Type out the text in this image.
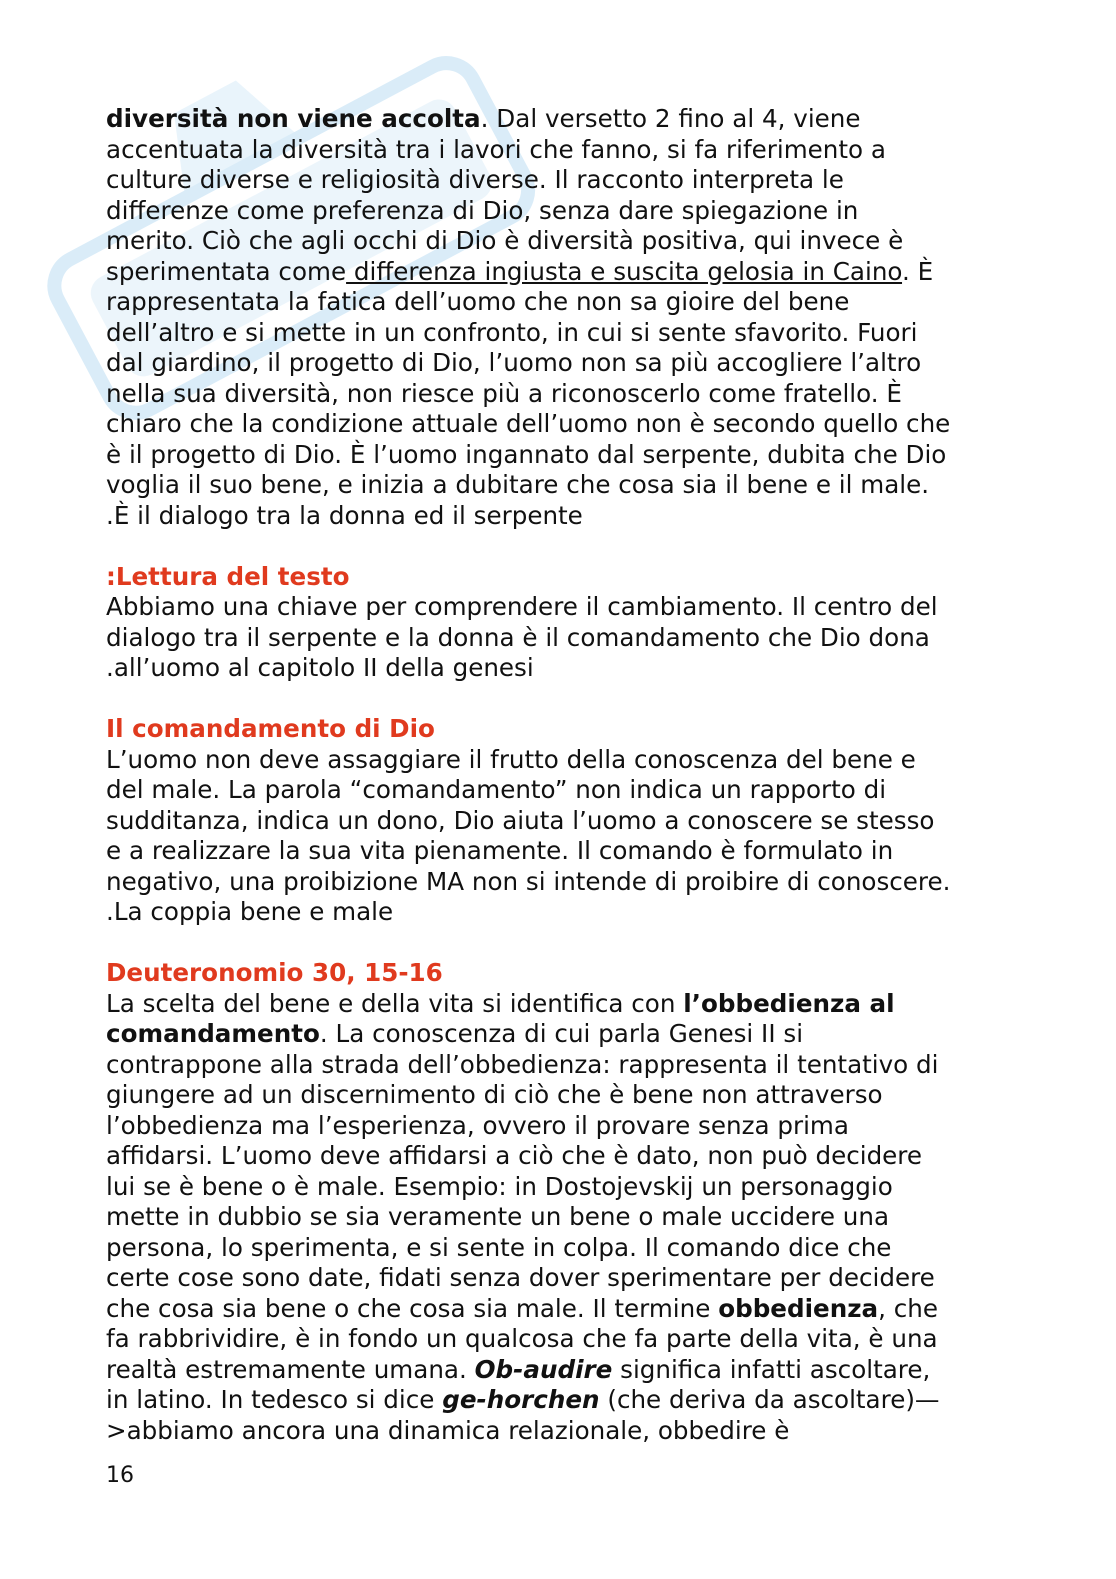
diversità non viene accolta. Dal versetto 2 fino al 4, viene
accentuata la diversità tra i lavori che fanno, si fa riferimento a
culture diverse e religiosità diverse. Il racconto interpreta le
differenze come preferenza di Dio, senza dare spiegazione in
merito. Ciò che agli occhi di Dio è diversità positiva, qui invece è
sperimentata come differenza ingiusta e suscita gelosia in Caino. È
rappresentata la fatica dell’uomo che non sa gioire del bene
dell’altro e si mette in un confronto, in cui si sente sfavorito. Fuori
dal giardino, il progetto di Dio, l’uomo non sa più accogliere l’altro
nella sua diversità, non riesce più a riconoscerlo come fratello. È
chiaro che la condizione attuale dell’uomo non è secondo quello che
è il progetto di Dio. È l’uomo ingannato dal serpente, dubita che Dio
voglia il suo bene, e inizia a dubitare che cosa sia il bene e il male.
.È il dialogo tra la donna ed il serpente

:Lettura del testo

Abbiamo una chiave per comprendere il cambiamento. Il centro del
dialogo tra il serpente e la donna è il comandamento che Dio dona
.all’uomo al capitolo II della genesi

Il comandamento di Dio

L’uomo non deve assaggiare il frutto della conoscenza del bene e
del male. La parola “comandamento” non indica un rapporto di
sudditanza, indica un dono, Dio aiuta l’uomo a conoscere se stesso
e a realizzare la sua vita pienamente. Il comando è formulato in
negativo, una proibizione MA non si intende di proibire di conoscere.
.La coppia bene e male

Deuteronomio 30, 15-16

La scelta del bene e della vita si identifica con l’obbedienza al
comandamento. La conoscenza di cui parla Genesi II si
contrappone alla strada dell’obbedienza: rappresenta il tentativo di
giungere ad un discernimento di ciò che è bene non attraverso
l’obbedienza ma l’esperienza, ovvero il provare senza prima
affidarsi. L’uomo deve affidarsi a ciò che è dato, non può decidere
lui se è bene o è male. Esempio: in Dostojevskij un personaggio
mette in dubbio se sia veramente un bene o male uccidere una
persona, lo sperimenta, e si sente in colpa. Il comando dice che
certe cose sono date, fidati senza dover sperimentare per decidere
che cosa sia bene o che cosa sia male. Il termine obbedienza, che
fa rabbrividire, è in fondo un qualcosa che fa parte della vita, è una
realtà estremamente umana. Ob-audire significa infatti ascoltare,
in latino. In tedesco si dice ge-horchen (che deriva da ascoltare)—
>abbiamo ancora una dinamica relazionale, obbedire è

16
